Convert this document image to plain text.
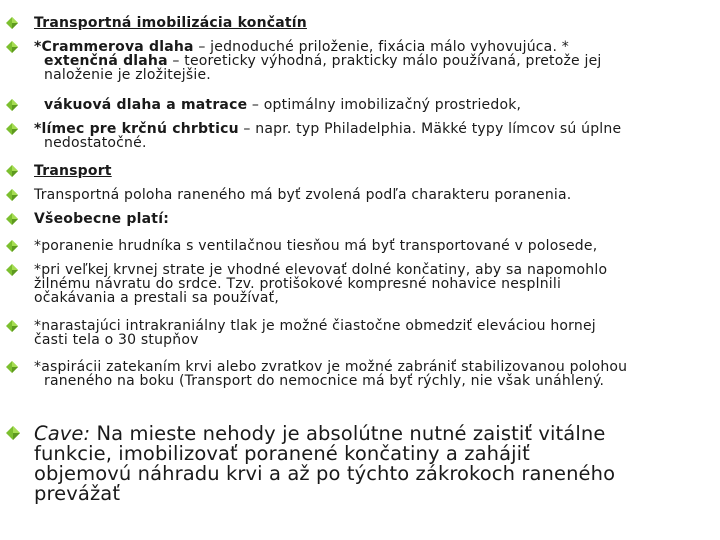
Transportná imobilizácia končatín
*Crammerova dlaha – jednoduché priloženie, fixácia málo vyhovujúca. *
extenčná dlaha – teoreticky výhodná, prakticky málo používaná, pretože jej
naloženie je zložitejšie.
vákuová dlaha a matrace – optimálny imobilizačný prostriedok,
*límec pre krčnú chrbticu – napr. typ Philadelphia. Mäkké typy límcov sú úplne
nedostatočné.
Transport
Transportná poloha raneného má byť zvolená podľa charakteru poranenia.
Všeobecne platí:
*poranenie hrudníka s ventilačnou tiesňou má byť transportované v polosede,
*pri veľkej krvnej strate je vhodné elevovať dolné končatiny, aby sa napomohlo
žilnému návratu do srdce. Tzv. protišokové kompresné nohavice nesplnili
očakávania a prestali sa používať,
*narastajúci intrakraniálny tlak je možné čiastočne obmedziť eleváciou hornej
časti tela o 30 stupňov
*aspirácii zatekaním krvi alebo zvratkov je možné zabrániť stabilizovanou polohou
raneného na boku (Transport do nemocnice má byť rýchly, nie však unáhlený.
Cave: Na mieste nehody je absolútne nutné zaistiť vitálne
funkcie, imobilizovať poranené končatiny a zahájiť
objemovú náhradu krvi a až po týchto zákrokoch raneného
prevážať
